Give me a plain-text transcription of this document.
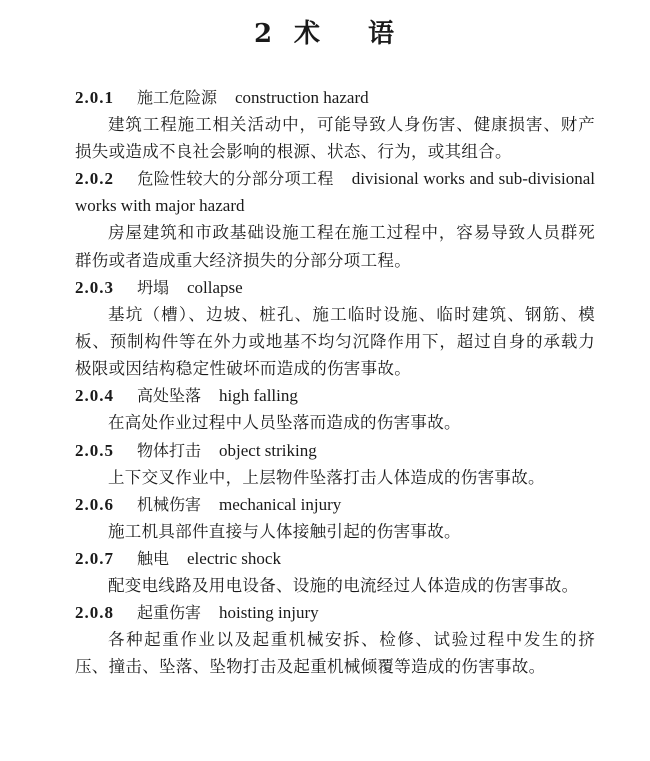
2 术 语
2.0.1 施工危险源 construction hazard

建筑工程施工相关活动中，可能导致人身伤害、健康损害、财产损失或造成不良社会影响的根源、状态、行为，或其组合。

2.0.2 危险性较大的分部分项工程 divisional works and sub-divisional works with major hazard

房屋建筑和市政基础设施工程在施工过程中，容易导致人员群死群伤或者造成重大经济损失的分部分项工程。

2.0.3 坍塌 collapse

基坑（槽）、边坡、桩孔、施工临时设施、临时建筑、钢筋、模板、预制构件等在外力或地基不均匀沉降作用下，超过自身的承载力极限或因结构稳定性破坏而造成的伤害事故。

2.0.4 高处坠落 high falling

在高处作业过程中人员坠落而造成的伤害事故。

2.0.5 物体打击 object striking

上下交叉作业中，上层物件坠落打击人体造成的伤害事故。

2.0.6 机械伤害 mechanical injury

施工机具部件直接与人体接触引起的伤害事故。

2.0.7 触电 electric shock

配变电线路及用电设备、设施的电流经过人体造成的伤害事故。

2.0.8 起重伤害 hoisting injury

各种起重作业以及起重机械安拆、检修、试验过程中发生的挤压、撞击、坠落、坠物打击及起重机械倾覆等造成的伤害事故。
